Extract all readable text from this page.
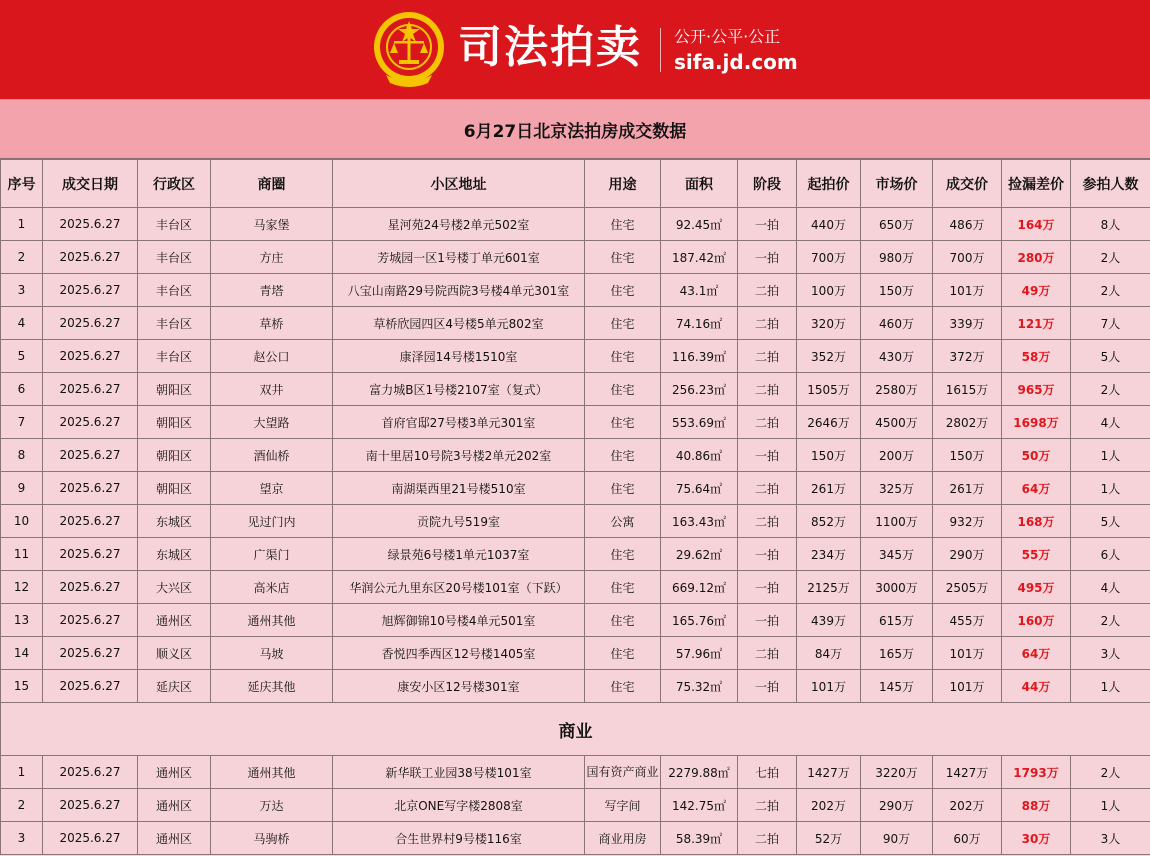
司法拍卖 公开·公平·公正
sifa.jd.com
6月27日北京法拍房成交数据
序号	成交日期	行政区	商圈	小区地址	用途	面积	阶段	起拍价	市场价	成交价	捡漏差价	参拍人数
1	2025.6.27	丰台区	马家堡	星河苑24号楼2单元502室	住宅	92.45㎡	一拍	440万	650万	486万	164万	8人
2	2025.6.27	丰台区	方庄	芳城园一区1号楼丁单元601室	住宅	187.42㎡	一拍	700万	980万	700万	280万	2人
3	2025.6.27	丰台区	青塔	八宝山南路29号院西院3号楼4单元301室	住宅	43.1㎡	二拍	100万	150万	101万	49万	2人
4	2025.6.27	丰台区	草桥	草桥欣园四区4号楼5单元802室	住宅	74.16㎡	二拍	320万	460万	339万	121万	7人
5	2025.6.27	丰台区	赵公口	康泽园14号楼1510室	住宅	116.39㎡	二拍	352万	430万	372万	58万	5人
6	2025.6.27	朝阳区	双井	富力城B区1号楼2107室（复式）	住宅	256.23㎡	二拍	1505万	2580万	1615万	965万	2人
7	2025.6.27	朝阳区	大望路	首府官邸27号楼3单元301室	住宅	553.69㎡	二拍	2646万	4500万	2802万	1698万	4人
8	2025.6.27	朝阳区	酒仙桥	南十里居10号院3号楼2单元202室	住宅	40.86㎡	一拍	150万	200万	150万	50万	1人
9	2025.6.27	朝阳区	望京	南湖渠西里21号楼510室	住宅	75.64㎡	二拍	261万	325万	261万	64万	1人
10	2025.6.27	东城区	见过门内	贡院九号519室	公寓	163.43㎡	二拍	852万	1100万	932万	168万	5人
11	2025.6.27	东城区	广渠门	绿景苑6号楼1单元1037室	住宅	29.62㎡	一拍	234万	345万	290万	55万	6人
12	2025.6.27	大兴区	高米店	华润公元九里东区20号楼101室（下跃）	住宅	669.12㎡	一拍	2125万	3000万	2505万	495万	4人
13	2025.6.27	通州区	通州其他	旭辉御锦10号楼4单元501室	住宅	165.76㎡	一拍	439万	615万	455万	160万	2人
14	2025.6.27	顺义区	马坡	香悦四季西区12号楼1405室	住宅	57.96㎡	二拍	84万	165万	101万	64万	3人
15	2025.6.27	延庆区	延庆其他	康安小区12号楼301室	住宅	75.32㎡	一拍	101万	145万	101万	44万	1人
商业												
1	2025.6.27	通州区	通州其他	新华联工业园38号楼101室	国有资产商业	2279.88㎡	七拍	1427万	3220万	1427万	1793万	2人
2	2025.6.27	通州区	万达	北京ONE写字楼2808室	写字间	142.75㎡	二拍	202万	290万	202万	88万	1人
3	2025.6.27	通州区	马驹桥	合生世界村9号楼116室	商业用房	58.39㎡	二拍	52万	90万	60万	30万	3人
